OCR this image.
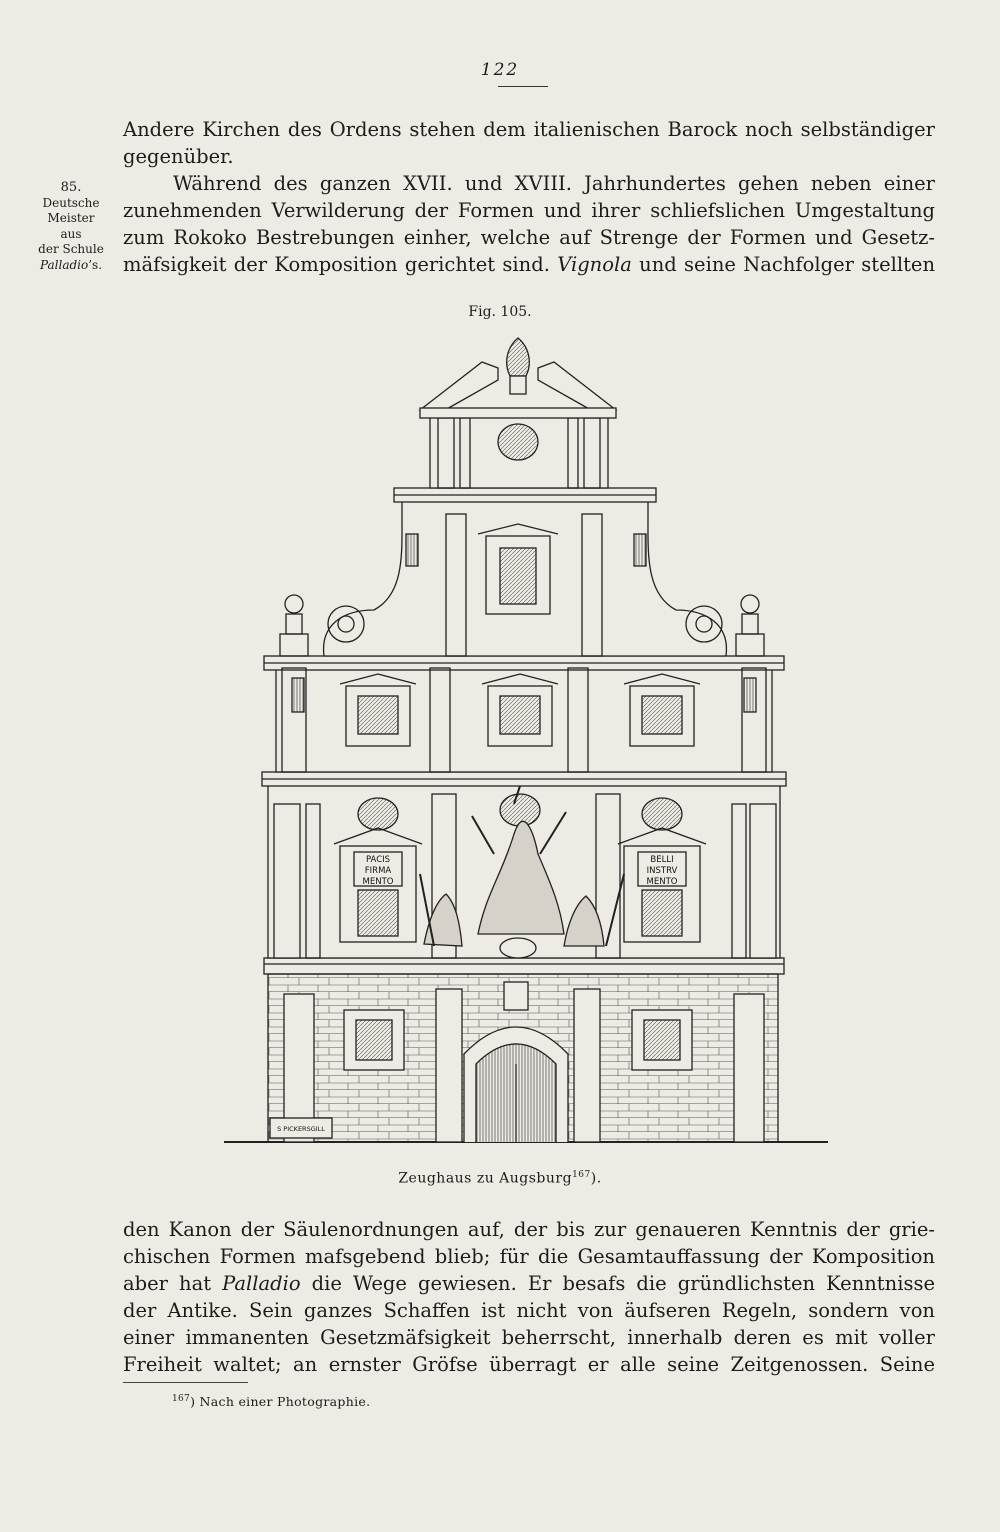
122
85.
Deutsche
Meister
aus
der Schule
Palladio’s.
Andere Kirchen des Ordens stehen dem italienischen Barock noch selbständiger
gegenüber.
Während des ganzen XVII. und XVIII. Jahrhundertes gehen neben einer
zunehmenden Verwilderung der Formen und ihrer schliefslichen Umgestaltung
zum Rokoko Bestrebungen einher, welche auf Strenge der Formen und Gesetz-
mäfsigkeit der Komposition gerichtet sind. Vignola und seine Nachfolger stellten
Fig. 105.
PACIS
FIRMA
MENTO
BELLI
INSTRV
MENTO
S PICKERSGILL
Zeughaus zu Augsburg$^{167}$).
den Kanon der Säulenordnungen auf, der bis zur genaueren Kenntnis der grie-
chischen Formen mafsgebend blieb; für die Gesamtauffassung der Komposition
aber hat Palladio die Wege gewiesen. Er besafs die gründlichsten Kenntnisse
der Antike. Sein ganzes Schaffen ist nicht von äufseren Regeln, sondern von
einer immanenten Gesetzmäfsigkeit beherrscht, innerhalb deren es mit voller
Freiheit waltet; an ernster Gröfse überragt er alle seine Zeitgenossen. Seine
$^{167}$) Nach einer Photographie.
